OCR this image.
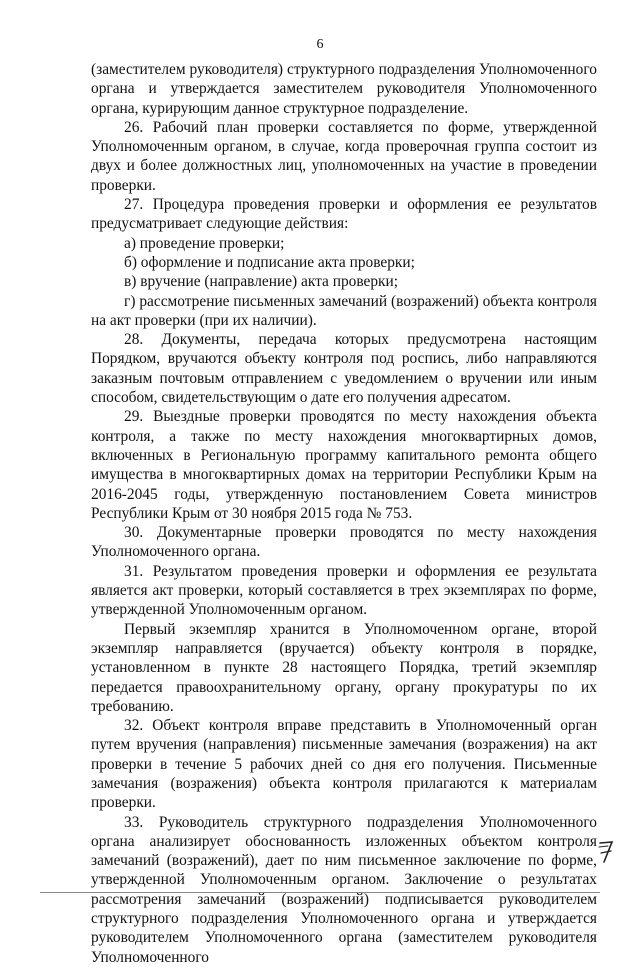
6

(заместителем руководителя) структурного подразделения Уполномоченного органа и утверждается заместителем руководителя Уполномоченного органа, курирующим данное структурное подразделение.

26. Рабочий план проверки составляется по форме, утвержденной Уполномоченным органом, в случае, когда проверочная группа состоит из двух и более должностных лиц, уполномоченных на участие в проведении проверки.

27. Процедура проведения проверки и оформления ее результатов предусматривает следующие действия:

а) проведение проверки;

б) оформление и подписание акта проверки;

в) вручение (направление) акта проверки;

г) рассмотрение письменных замечаний (возражений) объекта контроля на акт проверки (при их наличии).

28. Документы, передача которых предусмотрена настоящим Порядком, вручаются объекту контроля под роспись, либо направляются заказным почтовым отправлением с уведомлением о вручении или иным способом, свидетельствующим о дате его получения адресатом.

29. Выездные проверки проводятся по месту нахождения объекта контроля, а также по месту нахождения многоквартирных домов, включенных в Региональную программу капитального ремонта общего имущества в многоквартирных домах на территории Республики Крым на 2016-2045 годы, утвержденную постановлением Совета министров Республики Крым от 30 ноября 2015 года № 753.

30. Документарные проверки проводятся по месту нахождения Уполномоченного органа.

31. Результатом проведения проверки и оформления ее результата является акт проверки, который составляется в трех экземплярах по форме, утвержденной Уполномоченным органом.

Первый экземпляр хранится в Уполномоченном органе, второй экземпляр направляется (вручается) объекту контроля в порядке, установленном в пункте 28 настоящего Порядка, третий экземпляр передается правоохранительному органу, органу прокуратуры по их требованию.

32. Объект контроля вправе представить в Уполномоченный орган путем вручения (направления) письменные замечания (возражения) на акт проверки в течение 5 рабочих дней со дня его получения. Письменные замечания (возражения) объекта контроля прилагаются к материалам проверки.

33. Руководитель структурного подразделения Уполномоченного органа анализирует обоснованность изложенных объектом контроля замечаний (возражений), дает по ним письменное заключение по форме, утвержденной Уполномоченным органом. Заключение о результатах рассмотрения замечаний (возражений) подписывается руководителем структурного подразделения Уполномоченного органа и утверждается руководителем Уполномоченного органа (заместителем руководителя Уполномоченного
